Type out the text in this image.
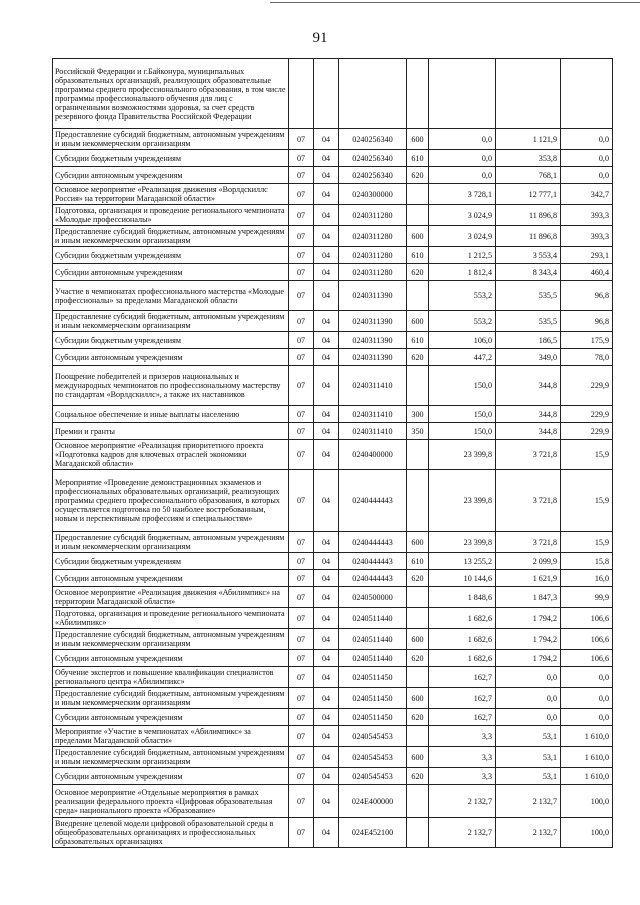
91
Российской Федерации и г.Байконура, муниципальных образовательных организаций, реализующих образовательные программы среднего профессионального образования, в том числе программы профессионального обучения для лиц с ограниченными возможностями здоровья, за счет средств резервного фонда Правительства Российской Федерации							
Предоставление субсидий бюджетным, автономным учреждениям и иным некоммерческим организациям	07	04	0240256340	600	0,0	1 121,9	0,0
Субсидии бюджетным учреждениям	07	04	0240256340	610	0,0	353,8	0,0
Субсидии автономным учреждениям	07	04	0240256340	620	0,0	768,1	0,0
Основное мероприятие «Реализация движения «Ворлдскиллс Россия» на территории Магаданской области»	07	04	0240300000		3 728,1	12 777,1	342,7
Подготовка, организация и проведение регионального чемпионата «Молодые профессионалы»	07	04	0240311280		3 024,9	11 896,8	393,3
Предоставление субсидий бюджетным, автономным учреждениям и иным некоммерческим организациям	07	04	0240311280	600	3 024,9	11 896,8	393,3
Субсидии бюджетным учреждениям	07	04	0240311280	610	1 212,5	3 553,4	293,1
Субсидии автономным учреждениям	07	04	0240311280	620	1 812,4	8 343,4	460,4
Участие в чемпионатах профессионального мастерства «Молодые профессионалы» за пределами Магаданской области	07	04	0240311390		553,2	535,5	96,8
Предоставление субсидий бюджетным, автономным учреждениям и иным некоммерческим организациям	07	04	0240311390	600	553,2	535,5	96,8
Субсидии бюджетным учреждениям	07	04	0240311390	610	106,0	186,5	175,9
Субсидии автономным учреждениям	07	04	0240311390	620	447,2	349,0	78,0
Поощрение победителей и призеров национальных и международных чемпионатов по профессиональному мастерству по стандартам «Ворлдскиллс», а также их наставников	07	04	0240311410		150,0	344,8	229,9
Социальное обеспечение и иные выплаты населению	07	04	0240311410	300	150,0	344,8	229,9
Премии и гранты	07	04	0240311410	350	150,0	344,8	229,9
Основное мероприятие «Реализация приоритетного проекта «Подготовка кадров для ключевых отраслей экономики Магаданской области»	07	04	0240400000		23 399,8	3 721,8	15,9
Мероприятие «Проведение демонстрационных экзаменов и профессиональных образовательных организаций, реализующих программы среднего профессионального образования, в которых осуществляется подготовка по 50 наиболее востребованным, новым и перспективным профессиям и специальностям»	07	04	0240444443		23 399,8	3 721,8	15,9
Предоставление субсидий бюджетным, автономным учреждениям и иным некоммерческим организациям	07	04	0240444443	600	23 399,8	3 721,8	15,9
Субсидии бюджетным учреждениям	07	04	0240444443	610	13 255,2	2 099,9	15,8
Субсидии автономным учреждениям	07	04	0240444443	620	10 144,6	1 621,9	16,0
Основное мероприятие «Реализация движения «Абилимпикс» на территории Магаданской области»	07	04	0240500000		1 848,6	1 847,3	99,9
Подготовка, организация и проведение регионального чемпионата «Абилимпикс»	07	04	0240511440		1 682,6	1 794,2	106,6
Предоставление субсидий бюджетным, автономным учреждениям и иным некоммерческим организациям	07	04	0240511440	600	1 682,6	1 794,2	106,6
Субсидии автономным учреждениям	07	04	0240511440	620	1 682,6	1 794,2	106,6
Обучение экспертов и повышение квалификации специалистов регионального центра «Абилимпикс»	07	04	0240511450		162,7	0,0	0,0
Предоставление субсидий бюджетным, автономным учреждениям и иным некоммерческим организациям	07	04	0240511450	600	162,7	0,0	0,0
Субсидии автономным учреждениям	07	04	0240511450	620	162,7	0,0	0,0
Мероприятие «Участие в чемпионатах «Абилимпикс» за пределами Магаданской области»	07	04	0240545453		3,3	53,1	1 610,0
Предоставление субсидий бюджетным, автономным учреждениям и иным некоммерческим организациям	07	04	0240545453	600	3,3	53,1	1 610,0
Субсидии автономным учреждениям	07	04	0240545453	620	3,3	53,1	1 610,0
Основное мероприятие «Отдельные мероприятия в рамках реализации федерального проекта «Цифровая образовательная среда» национального проекта «Образование»	07	04	024E400000		2 132,7	2 132,7	100,0
Внедрение целевой модели цифровой образовательной среды в общеобразовательных организациях и профессиональных образовательных организациях	07	04	024E452100		2 132,7	2 132,7	100,0
